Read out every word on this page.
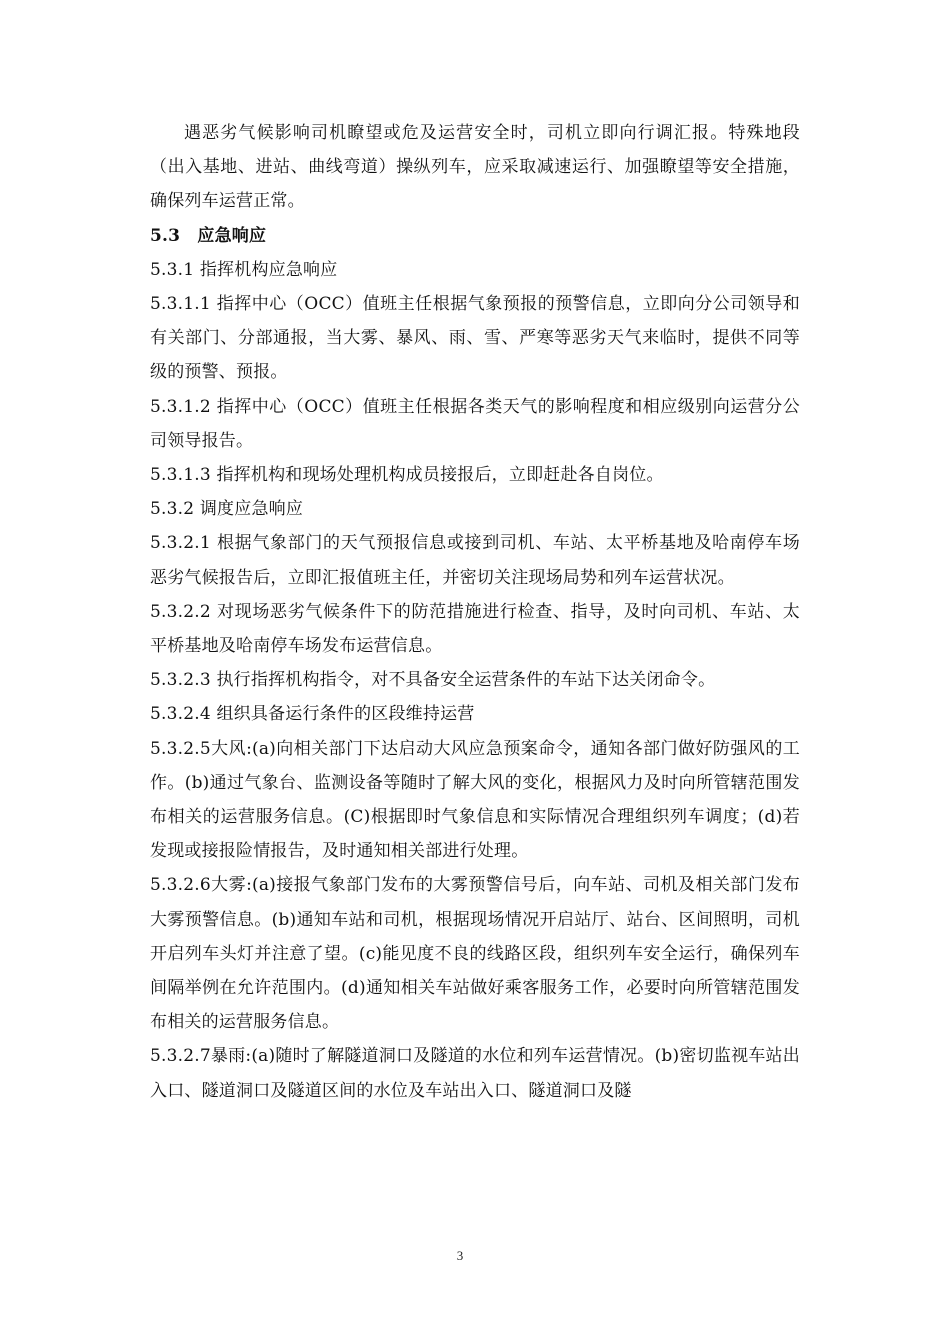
遇恶劣气候影响司机瞭望或危及运营安全时，司机立即向行调汇报。特殊地段（出入基地、进站、曲线弯道）操纵列车，应采取减速运行、加强瞭望等安全措施，确保列车运营正常。

5.3　应急响应

5.3.1 指挥机构应急响应

5.3.1.1 指挥中心（OCC）值班主任根据气象预报的预警信息，立即向分公司领导和有关部门、分部通报，当大雾、暴风、雨、雪、严寒等恶劣天气来临时，提供不同等级的预警、预报。

5.3.1.2 指挥中心（OCC）值班主任根据各类天气的影响程度和相应级别向运营分公司领导报告。

5.3.1.3 指挥机构和现场处理机构成员接报后，立即赶赴各自岗位。

5.3.2 调度应急响应

5.3.2.1 根据气象部门的天气预报信息或接到司机、车站、太平桥基地及哈南停车场恶劣气候报告后，立即汇报值班主任，并密切关注现场局势和列车运营状况。

5.3.2.2 对现场恶劣气候条件下的防范措施进行检查、指导，及时向司机、车站、太平桥基地及哈南停车场发布运营信息。

5.3.2.3 执行指挥机构指令，对不具备安全运营条件的车站下达关闭命令。

5.3.2.4 组织具备运行条件的区段维持运营

5.3.2.5大风:(a)向相关部门下达启动大风应急预案命令，通知各部门做好防强风的工作。(b)通过气象台、监测设备等随时了解大风的变化，根据风力及时向所管辖范围发布相关的运营服务信息。(C)根据即时气象信息和实际情况合理组织列车调度；(d)若发现或接报险情报告，及时通知相关部进行处理。

5.3.2.6大雾:(a)接报气象部门发布的大雾预警信号后，向车站、司机及相关部门发布大雾预警信息。(b)通知车站和司机，根据现场情况开启站厅、站台、区间照明，司机开启列车头灯并注意了望。(c)能见度不良的线路区段，组织列车安全运行，确保列车间隔举例在允许范围内。(d)通知相关车站做好乘客服务工作，必要时向所管辖范围发布相关的运营服务信息。

5.3.2.7暴雨:(a)随时了解隧道洞口及隧道的水位和列车运营情况。(b)密切监视车站出入口、隧道洞口及隧道区间的水位及车站出入口、隧道洞口及隧

3
